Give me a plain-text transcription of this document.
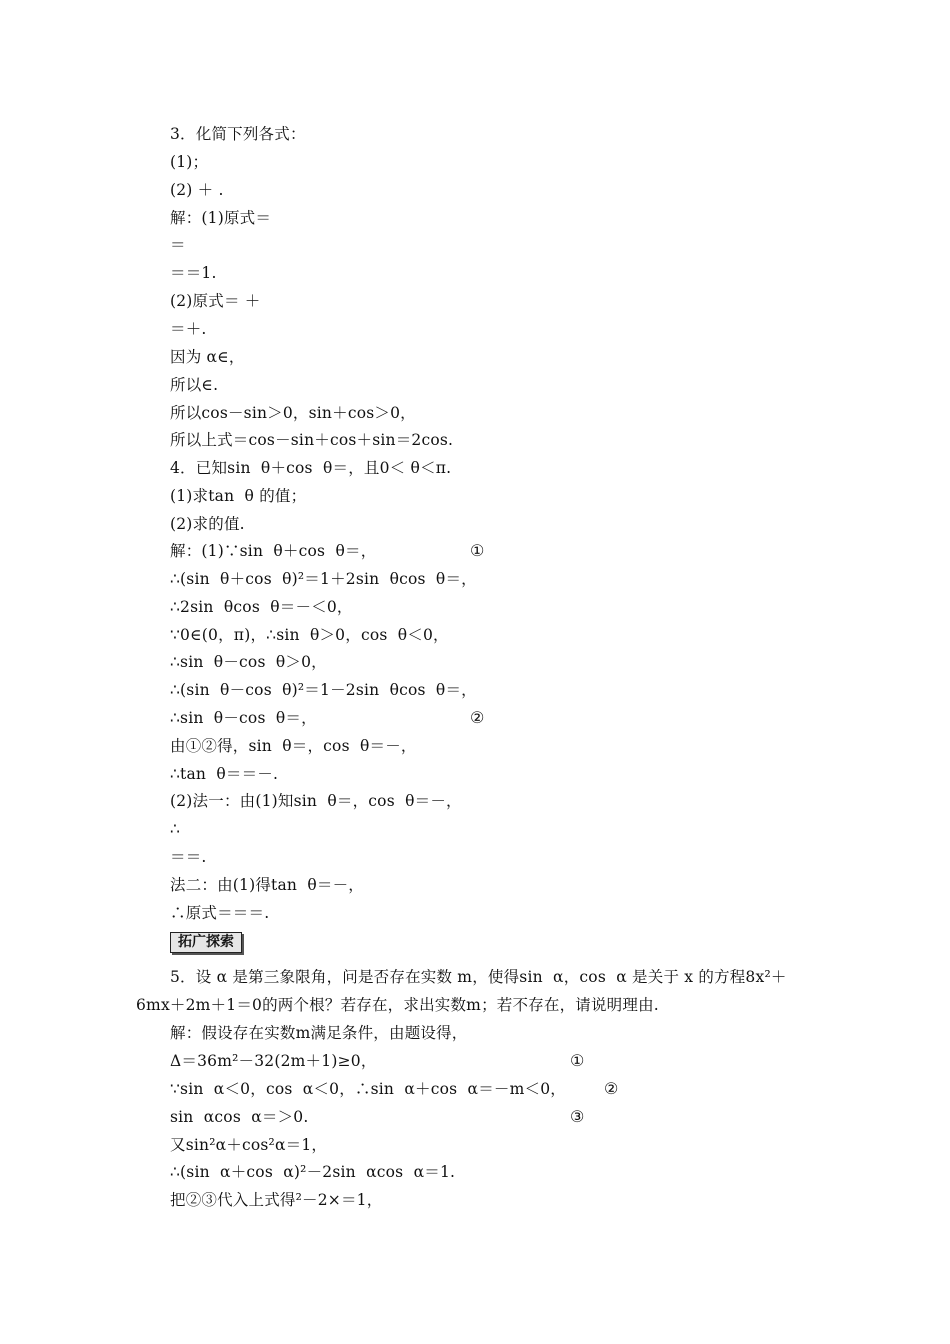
3．化简下列各式：
(1)；
(2) ＋ .
解：(1)原式＝
＝
＝＝1.
(2)原式＝ ＋
＝＋.
因为 α∈，
所以∈.
所以cos－sin＞0，sin＋cos＞0，
所以上式＝cos－sin＋cos＋sin＝2cos.
4．已知sin  θ＋cos  θ＝，且0＜ θ＜π.
(1)求tan  θ 的值；
(2)求的值.
解：(1)∵sin  θ＋cos  θ＝，	①
∴(sin  θ＋cos  θ)²＝1＋2sin  θcos  θ＝，
∴2sin  θcos  θ＝－＜0，
∵0∈(0，π)，∴sin  θ＞0，cos  θ＜0，
∴sin  θ－cos  θ＞0，
∴(sin  θ－cos  θ)²＝1－2sin  θcos  θ＝，
∴sin  θ－cos  θ＝，	②
由①②得，sin  θ＝，cos  θ＝－，
∴tan  θ＝＝－.
(2)法一：由(1)知sin  θ＝，cos  θ＝－，
∴
＝＝.
法二：由(1)得tan  θ＝－，
∴原式＝＝＝.
拓广探索
5．设 α 是第三象限角，问是否存在实数 m，使得sin  α，cos  α 是关于 x 的方程8x²＋
6mx＋2m＋1＝0的两个根？若存在，求出实数m；若不存在，请说明理由.
解：假设存在实数m满足条件，由题设得，
Δ＝36m²－32(2m＋1)≥0，	①
∵sin  α＜0，cos  α＜0，∴sin  α＋cos  α＝－m＜0， ②
sin  αcos  α＝＞0.	③
又sin²α＋cos²α＝1，
∴(sin  α＋cos  α)²－2sin  αcos  α＝1.
把②③代入上式得²－2×＝1，
